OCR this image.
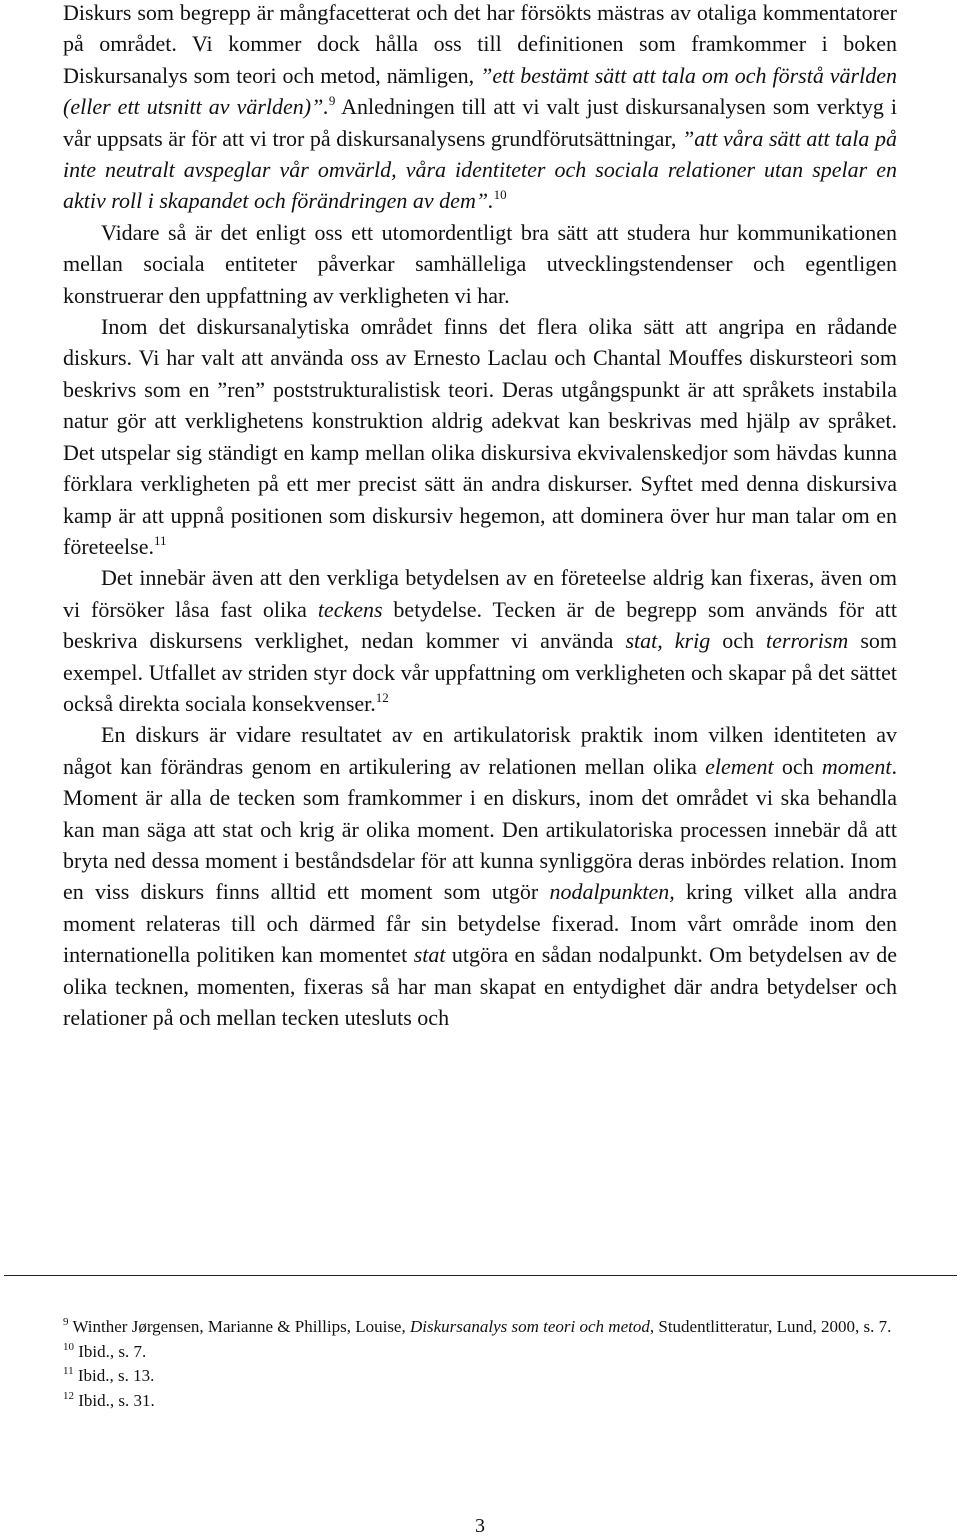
Diskurs som begrepp är mångfacetterat och det har försökts mästras av otaliga kommentatorer på området. Vi kommer dock hålla oss till definitionen som framkommer i boken Diskursanalys som teori och metod, nämligen, ”ett bestämt sätt att tala om och förstå världen (eller ett utsnitt av världen)”.$^9$ Anledningen till att vi valt just diskursanalysen som verktyg i vår uppsats är för att vi tror på diskursanalysens grundförutsättningar, ”att våra sätt att tala på inte neutralt avspeglar vår omvärld, våra identiteter och sociala relationer utan spelar en aktiv roll i skapandet och förändringen av dem”.$^{10}$

Vidare så är det enligt oss ett utomordentligt bra sätt att studera hur kommunikationen mellan sociala entiteter påverkar samhälleliga utvecklingstendenser och egentligen konstruerar den uppfattning av verkligheten vi har.

Inom det diskursanalytiska området finns det flera olika sätt att angripa en rådande diskurs. Vi har valt att använda oss av Ernesto Laclau och Chantal Mouffes diskursteori som beskrivs som en ”ren” poststrukturalistisk teori. Deras utgångspunkt är att språkets instabila natur gör att verklighetens konstruktion aldrig adekvat kan beskrivas med hjälp av språket. Det utspelar sig ständigt en kamp mellan olika diskursiva ekvivalenskedjor som hävdas kunna förklara verkligheten på ett mer precist sätt än andra diskurser. Syftet med denna diskursiva kamp är att uppnå positionen som diskursiv hegemon, att dominera över hur man talar om en företeelse.$^{11}$

Det innebär även att den verkliga betydelsen av en företeelse aldrig kan fixeras, även om vi försöker låsa fast olika teckens betydelse. Tecken är de begrepp som används för att beskriva diskursens verklighet, nedan kommer vi använda stat, krig och terrorism som exempel. Utfallet av striden styr dock vår uppfattning om verkligheten och skapar på det sättet också direkta sociala konsekvenser.$^{12}$

En diskurs är vidare resultatet av en artikulatorisk praktik inom vilken identiteten av något kan förändras genom en artikulering av relationen mellan olika element och moment. Moment är alla de tecken som framkommer i en diskurs, inom det området vi ska behandla kan man säga att stat och krig är olika moment. Den artikulatoriska processen innebär då att bryta ned dessa moment i beståndsdelar för att kunna synliggöra deras inbördes relation. Inom en viss diskurs finns alltid ett moment som utgör nodalpunkten, kring vilket alla andra moment relateras till och därmed får sin betydelse fixerad. Inom vårt område inom den internationella politiken kan momentet stat utgöra en sådan nodalpunkt. Om betydelsen av de olika tecknen, momenten, fixeras så har man skapat en entydighet där andra betydelser och relationer på och mellan tecken utesluts och

$^9$ Winther Jørgensen, Marianne & Phillips, Louise, Diskursanalys som teori och metod, Studentlitteratur, Lund, 2000, s. 7.

$^{10}$ Ibid., s. 7.

$^{11}$ Ibid., s. 13.

$^{12}$ Ibid., s. 31.

3
